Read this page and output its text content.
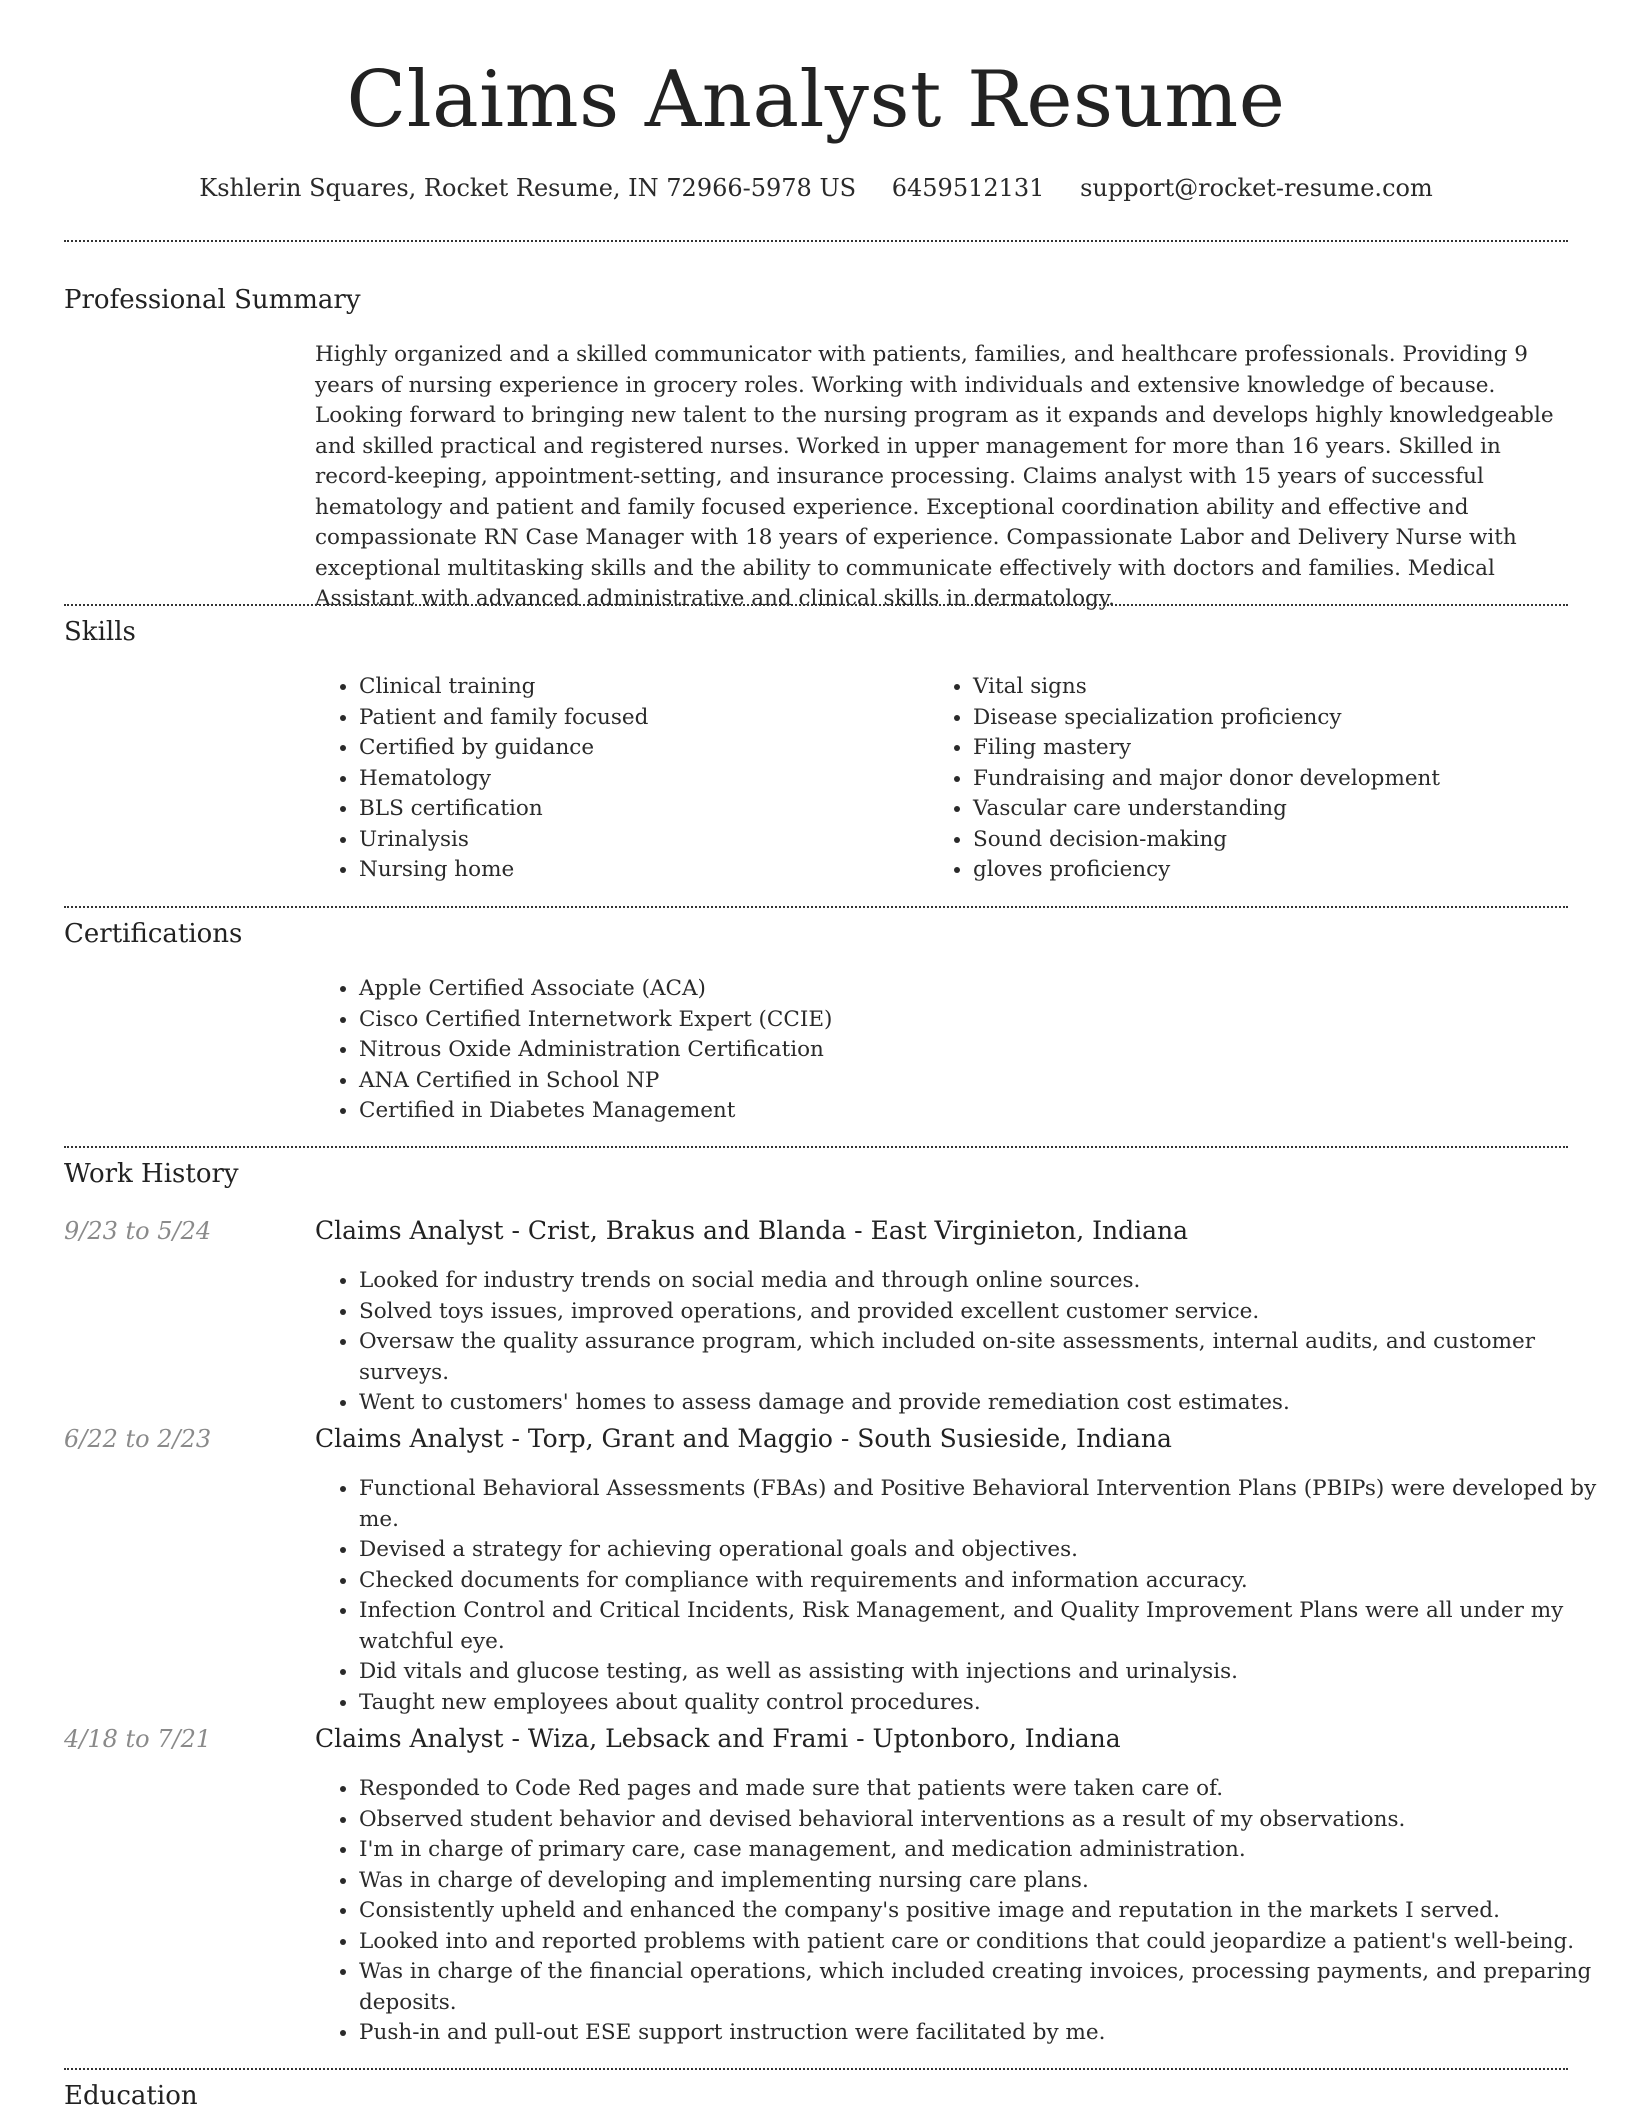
Claims Analyst Resume
Kshlerin Squares, Rocket Resume, IN 72966-5978 US 6459512131 support@rocket-resume.com
Professional Summary

Highly organized and a skilled communicator with patients, families, and healthcare professionals. Providing 9 years of nursing experience in grocery roles. Working with individuals and extensive knowledge of because. Looking forward to bringing new talent to the nursing program as it expands and develops highly knowledgeable and skilled practical and registered nurses. Worked in upper management for more than 16 years. Skilled in record-keeping, appointment-setting, and insurance processing. Claims analyst with 15 years of successful hematology and patient and family focused experience. Exceptional coordination ability and effective and compassionate RN Case Manager with 18 years of experience. Compassionate Labor and Delivery Nurse with exceptional multitasking skills and the ability to communicate effectively with doctors and families. Medical Assistant with advanced administrative and clinical skills in dermatology.

Skills
• Clinical training
• Patient and family focused
• Certified by guidance
• Hematology
• BLS certification
• Urinalysis
• Nursing home
• Vital signs
• Disease specialization proficiency
• Filing mastery
• Fundraising and major donor development
• Vascular care understanding
• Sound decision-making
• gloves proficiency
Certifications
• Apple Certified Associate (ACA)
• Cisco Certified Internetwork Expert (CCIE)
• Nitrous Oxide Administration Certification
• ANA Certified in School NP
• Certified in Diabetes Management
Work History
9/23 to 5/24	Claims Analyst - Crist, Brakus and Blanda - East Virginieton, Indiana
• Looked for industry trends on social media and through online sources.
• Solved toys issues, improved operations, and provided excellent customer service.
• Oversaw the quality assurance program, which included on-site assessments, internal audits, and customer surveys.
• Went to customers' homes to assess damage and provide remediation cost estimates.
6/22 to 2/23	Claims Analyst - Torp, Grant and Maggio - South Susieside, Indiana
• Functional Behavioral Assessments (FBAs) and Positive Behavioral Intervention Plans (PBIPs) were developed by me.
• Devised a strategy for achieving operational goals and objectives.
• Checked documents for compliance with requirements and information accuracy.
• Infection Control and Critical Incidents, Risk Management, and Quality Improvement Plans were all under my watchful eye.
• Did vitals and glucose testing, as well as assisting with injections and urinalysis.
• Taught new employees about quality control procedures.
4/18 to 7/21	Claims Analyst - Wiza, Lebsack and Frami - Uptonboro, Indiana
• Responded to Code Red pages and made sure that patients were taken care of.
• Observed student behavior and devised behavioral interventions as a result of my observations.
• I'm in charge of primary care, case management, and medication administration.
• Was in charge of developing and implementing nursing care plans.
• Consistently upheld and enhanced the company's positive image and reputation in the markets I served.
• Looked into and reported problems with patient care or conditions that could jeopardize a patient's well-being.
• Was in charge of the financial operations, which included creating invoices, processing payments, and preparing deposits.
• Push-in and pull-out ESE support instruction were facilitated by me.
Education
